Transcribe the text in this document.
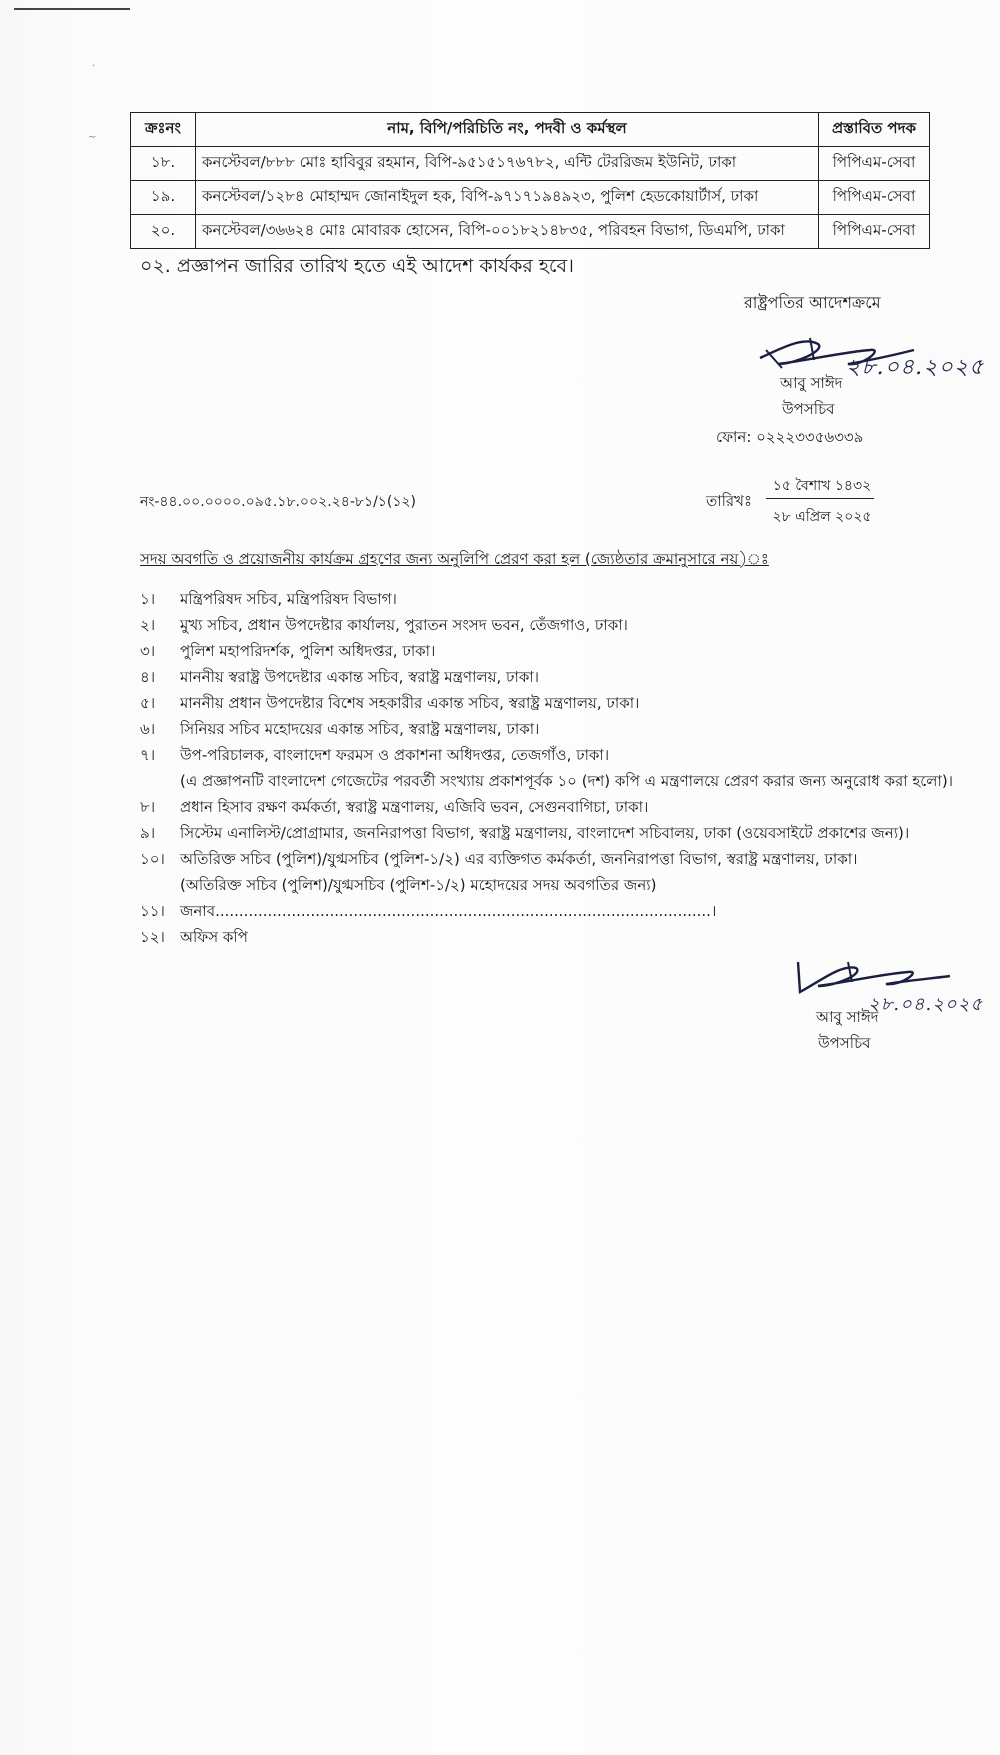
.
~
ক্রঃনং	নাম, বিপি/পরিচিতি নং, পদবী ও কর্মস্থল	প্রস্তাবিত পদক
১৮.	কনস্টেবল/৮৮৮ মোঃ হাবিবুর রহমান, বিপি-৯৫১৫১৭৬৭৮২, এন্টি টেররিজম ইউনিট, ঢাকা	পিপিএম-সেবা
১৯.	কনস্টেবল/১২৮৪ মোহাম্মদ জোনাইদুল হক, বিপি-৯৭১৭১৯৪৯২৩, পুলিশ হেডকোয়ার্টার্স, ঢাকা	পিপিএম-সেবা
২০.	কনস্টেবল/৩৬৬২৪ মোঃ মোবারক হোসেন, বিপি-০০১৮২১৪৮৩৫, পরিবহন বিভাগ, ডিএমপি, ঢাকা	পিপিএম-সেবা
০২. প্রজ্ঞাপন জারির তারিখ হতে এই আদেশ কার্যকর হবে।
রাষ্ট্রপতির আদেশক্রমে
২৮.০৪.২০২৫
আবু সাঈদ
উপসচিব
ফোন: ০২২২৩৩৫৬৩৩৯
নং-৪৪.০০.০০০০.০৯৫.১৮.০০২.২৪-৮১/১(১২)	তারিখঃ
১৫ বৈশাখ ১৪৩২
২৮ এপ্রিল ২০২৫
সদয় অবগতি ও প্রয়োজনীয় কার্যক্রম গ্রহণের জন্য অনুলিপি প্রেরণ করা হল (জ্যেষ্ঠতার ক্রমানুসারে নয়)ঃ
১। মন্ত্রিপরিষদ সচিব, মন্ত্রিপরিষদ বিভাগ।
২। মুখ্য সচিব, প্রধান উপদেষ্টার কার্যালয়, পুরাতন সংসদ ভবন, তেঁজগাও, ঢাকা।
৩। পুলিশ মহাপরিদর্শক, পুলিশ অধিদপ্তর, ঢাকা।
৪। মাননীয় স্বরাষ্ট্র উপদেষ্টার একান্ত সচিব, স্বরাষ্ট্র মন্ত্রণালয়, ঢাকা।
৫। মাননীয় প্রধান উপদেষ্টার বিশেষ সহকারীর একান্ত সচিব, স্বরাষ্ট্র মন্ত্রণালয়, ঢাকা।
৬। সিনিয়র সচিব মহোদয়ের একান্ত সচিব, স্বরাষ্ট্র মন্ত্রণালয়, ঢাকা।
৭। উপ-পরিচালক, বাংলাদেশ ফরমস ও প্রকাশনা অধিদপ্তর, তেজগাঁও, ঢাকা।
(এ প্রজ্ঞাপনটি বাংলাদেশ গেজেটের পরবর্তী সংখ্যায় প্রকাশপূর্বক ১০ (দশ) কপি এ মন্ত্রণালয়ে প্রেরণ করার জন্য অনুরোধ করা হলো)।
৮। প্রধান হিসাব রক্ষণ কর্মকর্তা, স্বরাষ্ট্র মন্ত্রণালয়, এজিবি ভবন, সেগুনবাগিচা, ঢাকা।
৯। সিস্টেম এনালিস্ট/প্রোগ্রামার, জননিরাপত্তা বিভাগ, স্বরাষ্ট্র মন্ত্রণালয়, বাংলাদেশ সচিবালয়, ঢাকা (ওয়েবসাইটে প্রকাশের জন্য)।
১০। অতিরিক্ত সচিব (পুলিশ)/যুগ্মসচিব (পুলিশ-১/২) এর ব্যক্তিগত কর্মকর্তা, জননিরাপত্তা বিভাগ, স্বরাষ্ট্র মন্ত্রণালয়, ঢাকা।
(অতিরিক্ত সচিব (পুলিশ)/যুগ্মসচিব (পুলিশ-১/২) মহোদয়ের সদয় অবগতির জন্য)
১১। জনাব........................................................................................................।
১২। অফিস কপি
২৮.০৪.২০২৫
আবু সাঈদ
উপসচিব
